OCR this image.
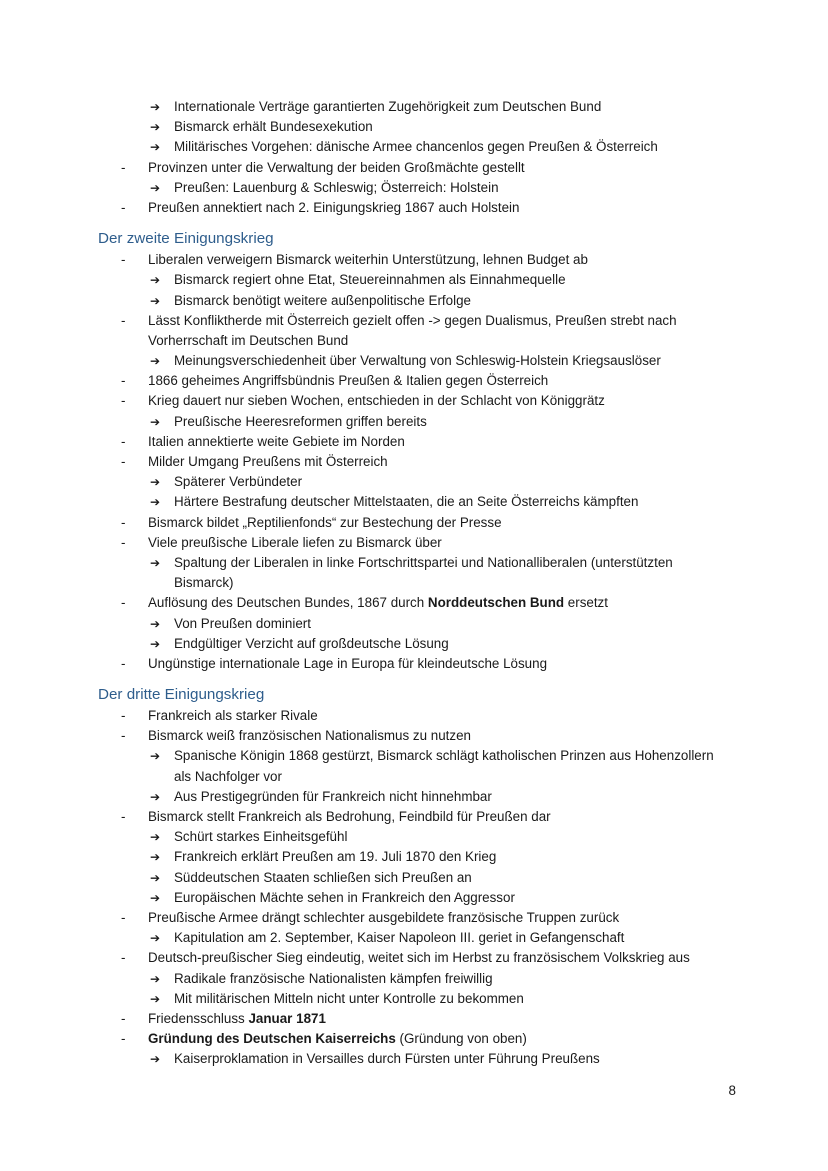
➔ Internationale Verträge garantierten Zugehörigkeit zum Deutschen Bund
➔ Bismarck erhält Bundesexekution
➔ Militärisches Vorgehen: dänische Armee chancenlos gegen Preußen & Österreich
- Provinzen unter die Verwaltung der beiden Großmächte gestellt
➔ Preußen: Lauenburg & Schleswig; Österreich: Holstein
- Preußen annektiert nach 2. Einigungskrieg 1867 auch Holstein
Der zweite Einigungskrieg
- Liberalen verweigern Bismarck weiterhin Unterstützung, lehnen Budget ab
➔ Bismarck regiert ohne Etat, Steuereinnahmen als Einnahmequelle
➔ Bismarck benötigt weitere außenpolitische Erfolge
- Lässt Konfliktherde mit Österreich gezielt offen -> gegen Dualismus, Preußen strebt nach
Vorherrschaft im Deutschen Bund
➔ Meinungsverschiedenheit über Verwaltung von Schleswig-Holstein Kriegsauslöser
- 1866 geheimes Angriffsbündnis Preußen & Italien gegen Österreich
- Krieg dauert nur sieben Wochen, entschieden in der Schlacht von Königgrätz
➔ Preußische Heeresreformen griffen bereits
- Italien annektierte weite Gebiete im Norden
- Milder Umgang Preußens mit Österreich
➔ Späterer Verbündeter
➔ Härtere Bestrafung deutscher Mittelstaaten, die an Seite Österreichs kämpften
- Bismarck bildet „Reptilienfonds“ zur Bestechung der Presse
- Viele preußische Liberale liefen zu Bismarck über
➔ Spaltung der Liberalen in linke Fortschrittspartei und Nationalliberalen (unterstützten
Bismarck)
- Auflösung des Deutschen Bundes, 1867 durch Norddeutschen Bund ersetzt
➔ Von Preußen dominiert
➔ Endgültiger Verzicht auf großdeutsche Lösung
- Ungünstige internationale Lage in Europa für kleindeutsche Lösung
Der dritte Einigungskrieg
- Frankreich als starker Rivale
- Bismarck weiß französischen Nationalismus zu nutzen
➔ Spanische Königin 1868 gestürzt, Bismarck schlägt katholischen Prinzen aus Hohenzollern
als Nachfolger vor
➔ Aus Prestigegründen für Frankreich nicht hinnehmbar
- Bismarck stellt Frankreich als Bedrohung, Feindbild für Preußen dar
➔ Schürt starkes Einheitsgefühl
➔ Frankreich erklärt Preußen am 19. Juli 1870 den Krieg
➔ Süddeutschen Staaten schließen sich Preußen an
➔ Europäischen Mächte sehen in Frankreich den Aggressor
- Preußische Armee drängt schlechter ausgebildete französische Truppen zurück
➔ Kapitulation am 2. September, Kaiser Napoleon III. geriet in Gefangenschaft
- Deutsch-preußischer Sieg eindeutig, weitet sich im Herbst zu französischem Volkskrieg aus
➔ Radikale französische Nationalisten kämpfen freiwillig
➔ Mit militärischen Mitteln nicht unter Kontrolle zu bekommen
- Friedensschluss Januar 1871
- Gründung des Deutschen Kaiserreichs (Gründung von oben)
➔ Kaiserproklamation in Versailles durch Fürsten unter Führung Preußens
8
